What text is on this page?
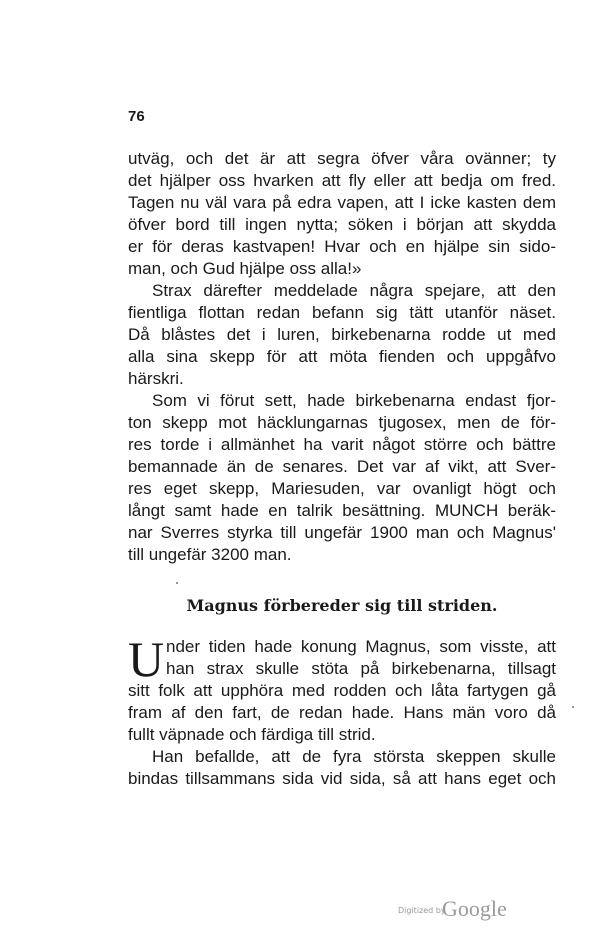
76
utväg, och det är att segra öfver våra ovänner; ty
det hjälper oss hvarken att fly eller att bedja om fred.
Tagen nu väl vara på edra vapen, att I icke kasten dem
öfver bord till ingen nytta; söken i början att skydda
er för deras kastvapen! Hvar och en hjälpe sin sido-
man, och Gud hjälpe oss alla!»
Strax därefter meddelade några spejare, att den
fientliga flottan redan befann sig tätt utanför näset.
Då blåstes det i luren, birkebenarna rodde ut med
alla sina skepp för att möta fienden och uppgåfvo
härskri.
Som vi förut sett, hade birkebenarna endast fjor-
ton skepp mot häcklungarnas tjugosex, men de för-
res torde i allmänhet ha varit något större och bättre
bemannade än de senares. Det var af vikt, att Sver-
res eget skepp, Mariesuden, var ovanligt högt och
långt samt hade en talrik besättning. MUNCH beräk-
nar Sverres styrka till ungefär 1900 man och Magnus'
till ungefär 3200 man.
Magnus förbereder sig till striden.
U nder tiden hade konung Magnus, som visste, att
han strax skulle stöta på birkebenarna, tillsagt
sitt folk att upphöra med rodden och låta fartygen gå
fram af den fart, de redan hade. Hans män voro då
fullt väpnade och färdiga till strid.
Han befallde, att de fyra största skeppen skulle
bindas tillsammans sida vid sida, så att hans eget och
Digitized by
Google
